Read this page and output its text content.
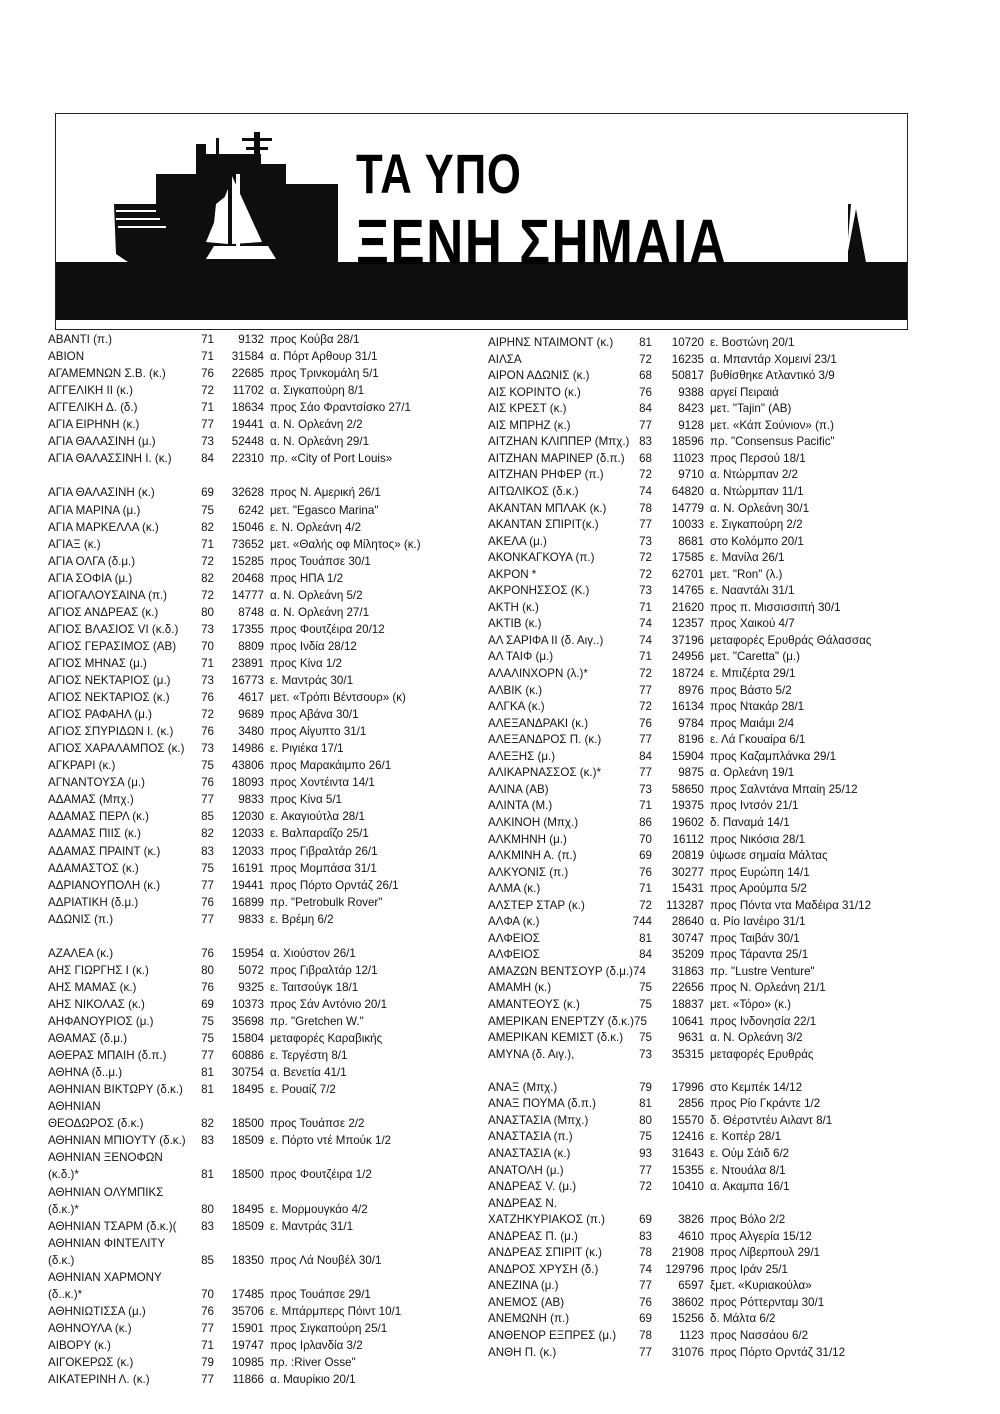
ΤΑ ΥΠΟ
ΞΕΝΗ ΣΗΜΑΙΑ
ΑΒΑΝΤΙ (π.)	71	9132 προς Κούβα 28/1
ΑΒΙΟΝ	71	31584 α. Πόρτ Αρθουρ 31/1
ΑΓΑΜΕΜΝΩΝ Σ.Β. (κ.)	76	22685 προς Τρινκομάλη 5/1
ΑΓΓΕΛΙΚΗ ΙΙ (κ.)	72	11702 α. Σιγκαπούρη 8/1
ΑΓΓΕΛΙΚΗ Δ. (δ.)	71	18634 προς Σάο Φραντσίσκο 27/1
ΑΓΙΑ ΕΙΡΗΝΗ (κ.)	77	19441 α. Ν. Ορλεάνη 2/2
ΑΓΙΑ ΘΑΛΑΣΙΝΗ (μ.)	73	52448 α. Ν. Ορλεάνη 29/1
ΑΓΙΑ ΘΑΛΑΣΣΙΝΗ Ι. (κ.)	84	22310 πρ. «City of Port Louis»
ΑΓΙΑ ΘΑΛΑΣΙΝΗ (κ.)	69	32628 προς Ν. Αμερική 26/1
ΑΓΙΑ ΜΑΡΙΝΑ (μ.)	75	6242 μετ. "Egasco Marina"
ΑΓΙΑ ΜΑΡΚΕΛΛΑ (κ.)	82	15046 ε. Ν. Ορλεάνη 4/2
ΑΓΙΑΞ (κ.)	71	73652 μετ. «Θαλής οφ Μίλητος» (κ.)
ΑΓΙΑ ΟΛΓΑ (δ.μ.)	72	15285 προς Τουάπσε 30/1
ΑΓΙΑ ΣΟΦΙΑ (μ.)	82	20468 προς ΗΠΑ 1/2
ΑΓΙΟΓΑΛΟΥΣΑΙΝΑ (π.)	72	14777 α. Ν. Ορλεάνη 5/2
ΑΓΙΟΣ ΑΝΔΡΕΑΣ (κ.)	80	8748 α. Ν. Ορλεάνη 27/1
ΑΓΙΟΣ ΒΛΑΣΙΟΣ VI (κ.δ.)	73	17355 προς Φουτζέιρα 20/12
ΑΓΙΟΣ ΓΕΡΑΣΙΜΟΣ (ΑΒ)	70	8809 προς Ινδία 28/12
ΑΓΙΟΣ ΜΗΝΑΣ (μ.)	71	23891 προς Κίνα 1/2
ΑΓΙΟΣ ΝΕΚΤΑΡΙΟΣ (μ.)	73	16773 ε. Μαντράς 30/1
ΑΓΙΟΣ ΝΕΚΤΑΡΙΟΣ (κ.)	76	4617 μετ. «Τρόπι Βέντσουρ» (κ)
ΑΓΙΟΣ ΡΑΦΑΗΛ (μ.)	72	9689 προς Αβάνα 30/1
ΑΓΙΟΣ ΣΠΥΡΙΔΩΝ Ι. (κ.)	76	3480 προς Αίγυπτο 31/1
ΑΓΙΟΣ ΧΑΡΑΛΑΜΠΟΣ (κ.)	73	14986 ε. Ριγιέκα 17/1
ΑΓΚΡΑΡΙ (κ.)	75	43806 προς Μαρακάιμπο 26/1
ΑΓΝΑΝΤΟΥΣΑ (μ.)	76	18093 προς Χοντέιντα 14/1
ΑΔΑΜΑΣ (Μπχ.)	77	9833 προς Κίνα 5/1
ΑΔΑΜΑΣ ΠΕΡΛ (κ.)	85	12030 ε. Ακαγιούτλα 28/1
ΑΔΑΜΑΣ ΠΙΙΣ (κ.)	82	12033 ε. Βαλπαραΐζο 25/1
ΑΔΑΜΑΣ ΠΡΑΙΝΤ (κ.)	83	12033 προς Γιβραλτάρ 26/1
ΑΔΑΜΑΣΤΟΣ (κ.)	75	16191 προς Μομπάσα 31/1
ΑΔΡΙΑΝΟΥΠΟΛΗ (κ.)	77	19441 προς Πόρτο Ορντάζ 26/1
ΑΔΡΙΑΤΙΚΗ (δ.μ.)	76	16899 πρ. "Petrobulk Rover"
ΑΔΩΝΙΣ (π.)	77	9833 ε. Βρέμη 6/2
ΑΖΑΛΕΑ (κ.)	76	15954 α. Χιούστον 26/1
ΑΗΣ ΓΙΩΡΓΗΣ Ι (κ.)	80	5072 προς Γιβραλτάρ 12/1
ΑΗΣ ΜΑΜΑΣ (κ.)	76	9325 ε. Ταιτσούγκ 18/1
ΑΗΣ ΝΙΚΟΛΑΣ (κ.)	69	10373 προς Σάν Αντόνιο 20/1
ΑΗΦΑΝΟΥΡΙΟΣ (μ.)	75	35698 πρ. "Gretchen W."
ΑΘΑΜΑΣ (δ.μ.)	75	15804 μεταφορές Καραβικής
ΑΘΕΡΑΣ ΜΠΑΙΗ (δ.π.)	77	60886 ε. Τεργέστη 8/1
ΑΘΗΝΑ (δ..μ.)	81	30754 α. Βενετία 41/1
ΑΘΗΝΙΑΝ ΒΙΚΤΩΡΥ (δ.κ.)	81	18495 ε. Ρουαίζ 7/2
ΑΘΗΝΙΑΝ
ΘΕΟΔΩΡΟΣ (δ.κ.)	82	18500 προς Τουάπσε 2/2
ΑΘΗΝΙΑΝ ΜΠΙΟΥΤΥ (δ.κ.)	83	18509 ε. Πόρτο ντέ Μπούκ 1/2
ΑΘΗΝΙΑΝ ΞΕΝΟΦΩΝ
(κ.δ.)*	81	18500 προς Φουτζέιρα 1/2
ΑΘΗΝΙΑΝ ΟΛΥΜΠΙΚΣ
(δ.κ.)*	80	18495 ε. Μορμουγκάο 4/2
ΑΘΗΝΙΑΝ ΤΣΑΡΜ (δ.κ.)(	83	18509 ε. Μαντράς 31/1
ΑΘΗΝΙΑΝ ΦΙΝΤΕΛΙΤΥ
(δ.κ.)	85	18350 προς Λά Νουβέλ 30/1
ΑΘΗΝΙΑΝ ΧΑΡΜΟΝΥ
(δ..κ.)*	70	17485 προς Τουάπσε 29/1
ΑΘΗΝΙΩΤΙΣΣΑ (μ.)	76	35706 ε. Μπάρμπερς Πόιντ 10/1
ΑΘΗΝΟΥΛΑ (κ.)	77	15901 προς Σιγκαπούρη 25/1
ΑΙΒΟΡΥ (κ.)	71	19747 προς Ιρλανδία 3/2
ΑΙΓΟΚΕΡΩΣ (κ.)	79	10985 πρ. :River Osse"
ΑΙΚΑΤΕΡΙΝΗ Λ. (κ.)	77	11866 α. Μαυρίκιο 20/1
ΑΙΡΗΝΣ ΝΤΑΙΜΟΝΤ (κ.)	81	10720 ε. Βοστώνη 20/1
ΑΙΛΣΑ	72	16235 α. Μπαντάρ Χομεινί 23/1
ΑΙΡΟΝ ΑΔΩΝΙΣ (κ.)	68	50817 βυθίσθηκε Ατλαντικό 3/9
ΑΙΣ ΚΟΡΙΝΤΟ (κ.)	76	9388 αργεί Πειραιά
ΑΙΣ ΚΡΕΣΤ (κ.)	84	8423 μετ. "Tajin" (ΑΒ)
ΑΙΣ ΜΠΡΗΖ (κ.)	77	9128 μετ. «Κάπ Σούνιον» (π.)
ΑΙΤΖΗΑΝ ΚΛΙΠΠΕΡ (Μπχ.) 83	18596 πρ. "Consensus Pacific"
ΑΙΤΖΗΑΝ ΜΑΡΙΝΕΡ (δ.π.)	68	11023 προς Περσού 18/1
ΑΙΤΖΗΑΝ ΡΗΦΕΡ (π.)	72	9710 α. Ντώρμπαν 2/2
ΑΙΤΩΛΙΚΟΣ (δ.κ.)	74	64820 α. Ντώρμπαν 11/1
ΑΚΑΝΤΑΝ ΜΠΛΑΚ (κ.)	78	14779 α. Ν. Ορλεάνη 30/1
ΑΚΑΝΤΑΝ ΣΠΙΡΙΤ(κ.)	77	10033 ε. Σιγκαπούρη 2/2
ΑΚΕΛΑ (μ.)	73	8681 στο Κολόμπο 20/1
ΑΚΟΝΚΑΓΚΟΥΑ (π.)	72	17585 ε. Μανίλα 26/1
ΑΚΡΟΝ *	72	62701 μετ. "Ron" (λ.)
ΑΚΡΟΝΗΣΣΟΣ (Κ.)	73	14765 ε. Νααντάλι 31/1
ΑΚΤΗ (κ.)	71	21620 προς π. Μισσισσιπή 30/1
ΑΚΤΙΒ (κ.)	74	12357 προς Χαικού 4/7
ΑΛ ΣΑΡΙΦΑ ΙΙ (δ. Αιγ..)	74	37196 μεταφορές Ερυθράς Θάλασσας
ΑΛ ΤΑΙΦ (μ.)	71	24956 μετ. "Caretta" (μ.)
ΑΛΑΛΙΝΧΟΡΝ (λ.)*	72	18724 ε. Μπιζέρτα 29/1
ΑΛΒΙΚ (κ.)	77	8976 προς Βάστο 5/2
ΑΛΓΚΑ (κ.)	72	16134 προς Ντακάρ 28/1
ΑΛΕΞΑΝΔΡΑΚΙ (κ.)	76	9784 προς Μαιάμι 2/4
ΑΛΕΞΑΝΔΡΟΣ Π. (κ.)	77	8196 ε. Λά Γκουαίρα 6/1
ΑΛΕΞΗΣ (μ.)	84	15904 προς Καζαμπλάνκα 29/1
ΑΛΙΚΑΡΝΑΣΣΟΣ (κ.)*	77	9875 α. Ορλεάνη 19/1
ΑΛΙΝΑ (ΑΒ)	73	58650 προς Σαλντάνα Μπαίη 25/12
ΑΛΙΝΤΑ (Μ.)	71	19375 προς Ιντσόν 21/1
ΑΛΚΙΝΟΗ (Μπχ.)	86	19602 δ. Παναμά 14/1
ΑΛΚΜΗΝΗ (μ.)	70	16112 προς Νικόσια 28/1
ΑΛΚΜΙΝΗ Α. (π.)	69	20819 ύψωσε σημαία Μάλτας
ΑΛΚΥΟΝΙΣ (π.)	76	30277 προς Ευρώπη 14/1
ΑΛΜΑ (κ.)	71	15431 προς Αρούμπα 5/2
ΑΛΣΤΕΡ ΣΤΑΡ (κ.)	72	113287 προς Πόντα ντα Μαδέιρα 31/12
ΑΛΦΑ (κ.)	744	28640 α. Ρίο Ιανέιρο 31/1
ΑΛΦΕΙΟΣ	81	30747 προς Ταιβάν 30/1
ΑΛΦΕΙΟΣ	84	35209 προς Τάραντα 25/1
ΑΜΑΖΩΝ ΒΕΝΤΣΟΥΡ (δ.μ.)74	31863 πρ. "Lustre Venture"
ΑΜΑΜΗ (κ.)	75	22656 προς Ν. Ορλεάνη 21/1
ΑΜΑΝΤΕΟΥΣ (κ.)	75	18837 μετ. «Τόρο» (κ.)
ΑΜΕΡΙΚΑΝ ΕΝΕΡΤΖΥ (δ.κ.)75	10641 προς Ινδονησία 22/1
ΑΜΕΡΙΚΑΝ ΚΕΜΙΣΤ (δ.κ.)	75	9631 α. Ν. Ορλεάνη 3/2
ΑΜΥΝΑ (δ. Αιγ.),	73	35315 μεταφορές Ερυθράς
ΑΝΑΞ (Μπχ.)	79	17996 στο Κεμπέκ 14/12
ΑΝΑΞ ΠΟΥΜΑ (δ.π.)	81	2856 προς Ρίο Γκράντε 1/2
ΑΝΑΣΤΑΣΙΑ (Μπχ.)	80	15570 δ. Θέρστντέυ Αιλαντ 8/1
ΑΝΑΣΤΑΣΙΑ (π.)	75	12416 ε. Κοπέρ 28/1
ΑΝΑΣΤΑΣΙΑ (κ.)	93	31643 ε. Ούμ Σάιδ 6/2
ΑΝΑΤΟΛΗ (μ.)	77	15355 ε. Ντουάλα 8/1
ΑΝΔΡΕΑΣ V. (μ.)	72	10410 α. Ακαμπα 16/1
ΑΝΔΡΕΑΣ Ν.
ΧΑΤΖΗΚΥΡΙΑΚΟΣ (π.)	69	3826 προς Βόλο 2/2
ΑΝΔΡΕΑΣ Π. (μ.)	83	4610 προς Αλγερία 15/12
ΑΝΔΡΕΑΣ ΣΠΙΡΙΤ (κ.)	78	21908 προς Λίβερπουλ 29/1
ΑΝΔΡΟΣ ΧΡΥΣΗ (δ.)	74 129796 προς Ιράν 25/1
ΑΝΕΖΙΝΑ (μ.)	77	6597 ξμετ. «Κυριακούλα»
ΑΝΕΜΟΣ (ΑΒ)	76	38602 προς Ρόττερνταμ 30/1
ΑΝΕΜΩΝΗ (π.)	69	15256 δ. Μάλτα 6/2
ΑΝΘΕΝΟΡ ΕΞΠΡΕΣ (μ.)	78	1123 προς Νασσάου 6/2
ΑΝΘΗ Π. (κ.)	77	31076 προς Πόρτο Ορντάζ 31/12
